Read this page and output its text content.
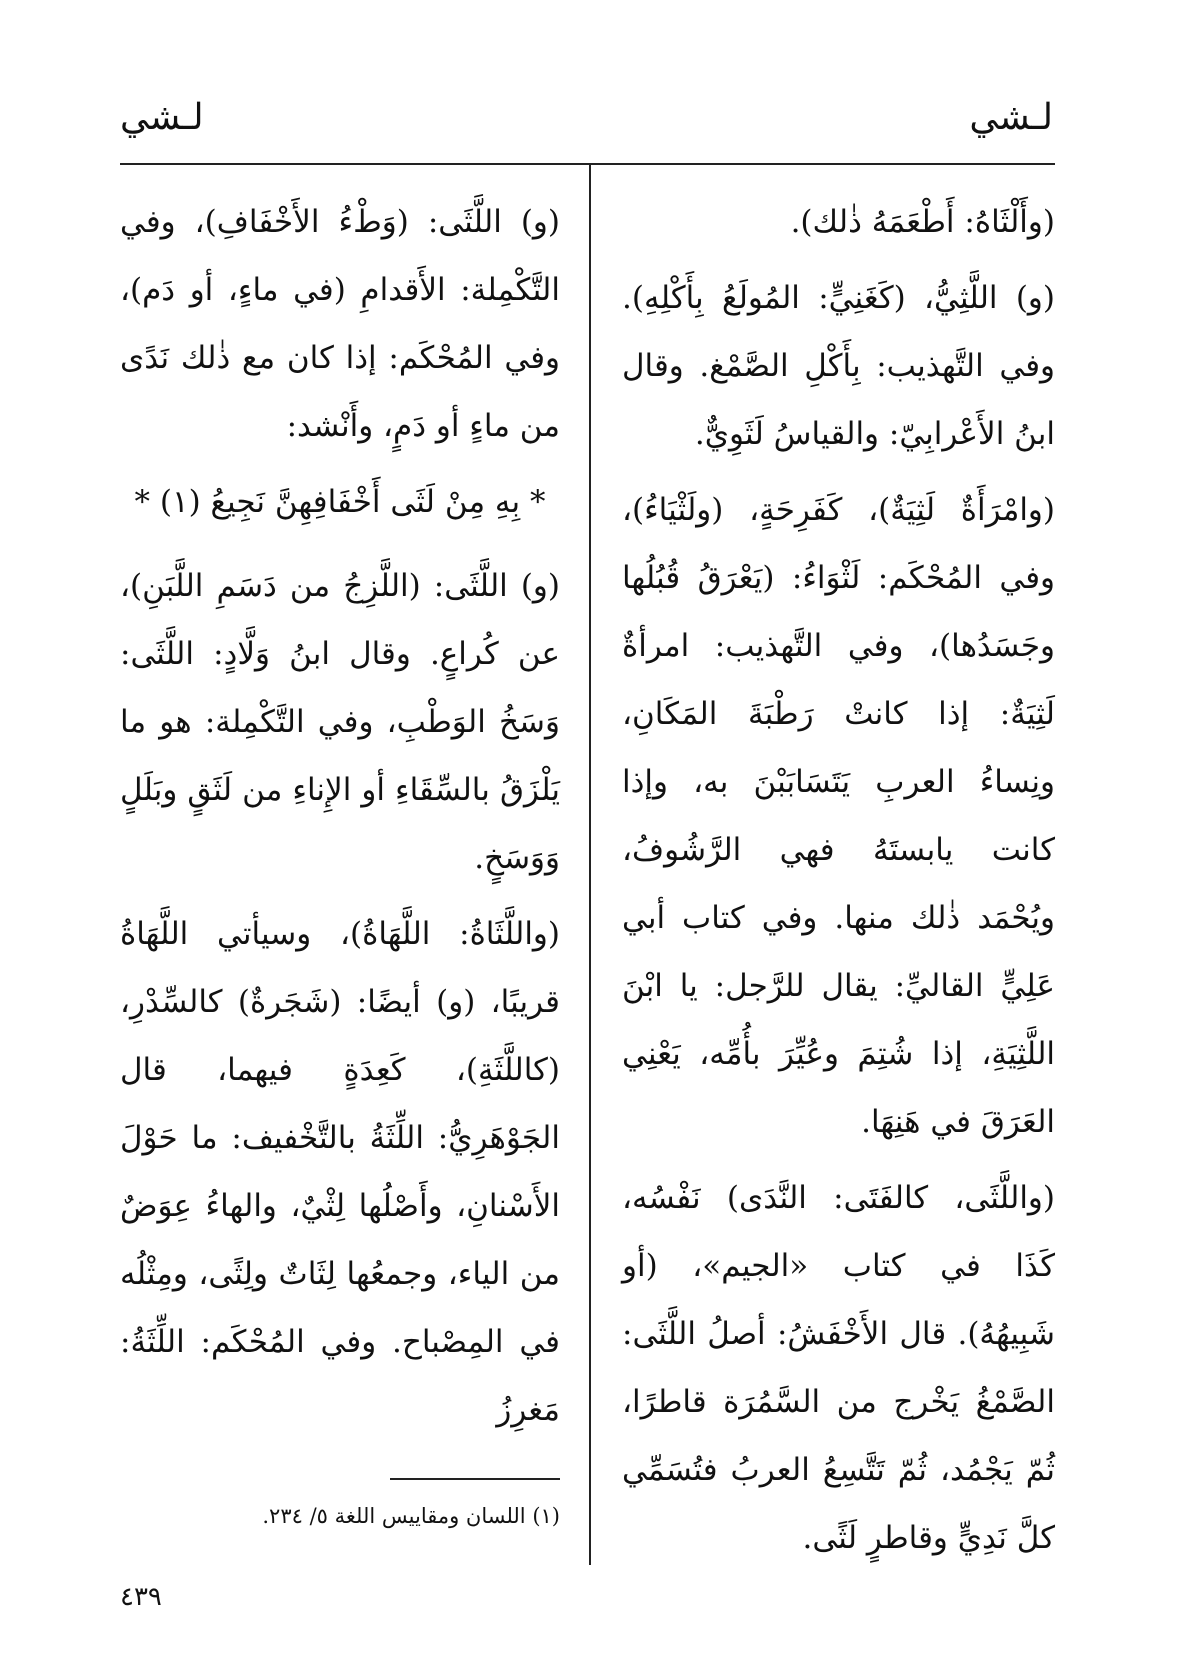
لـشي	لـشي

(وأَلْثَاهُ: أَطْعَمَهُ ذٰلك).

(و) اللَّثِيُّ، (كَغَنِيٍّ: المُولَعُ بِأَكْلِهِ). وفي التَّهذيب: بِأَكْلِ الصَّمْغ. وقال ابنُ الأَعْرابِيّ: والقياسُ لَثَوِيٌّ.

(وامْرَأَةٌ لَثِيَةٌ)، كَفَرِحَةٍ، (ولَثْيَاءُ)، وفي المُحْكَم: لَثْوَاءُ: (يَعْرَقُ قُبُلُها وجَسَدُها)، وفي التَّهذيب: امرأةٌ لَثِيَةٌ: إذا كانتْ رَطْبَةَ المَكَانِ، ونِساءُ العربِ يَتَسَابَبْنَ به، وإذا كانت يابستَهُ فهي الرَّشُوفُ، ويُحْمَد ذٰلك منها. وفي كتاب أبي عَلِيٍّ القاليِّ: يقال للرَّجل: يا ابْنَ اللَّثِيَةِ، إذا شُتِمَ وعُيِّرَ بأُمِّه، يَعْنِي العَرَقَ في هَنِهَا.

(واللَّثَى، كالفَتَى: النَّدَى) نَفْسُه، كَذَا في كتاب «الجيم»، (أو شَبِيهُهُ). قال الأَخْفَشُ: أصلُ اللَّثَى: الصَّمْغُ يَخْرج من السَّمُرَة قاطرًا، ثُمّ يَجْمُد، ثُمّ تَتَّسِعُ العربُ فتُسَمِّي كلَّ نَدِيٍّ وقاطرٍ لَثًى.

(و) اللَّثَى: (وَطْءُ الأَخْفَافِ)، وفي التَّكْمِلة: الأَقدامِ (في ماءٍ، أو دَم)، وفي المُحْكَم: إذا كان مع ذٰلك نَدًى من ماءٍ أو دَمٍ، وأَنْشد:

* بِهِ مِنْ لَثَى أَخْفَافِهِنَّ نَجِيعُ (١) *

(و) اللَّثَى: (اللَّزِجُ من دَسَمِ اللَّبَنِ)، عن كُراعٍ. وقال ابنُ وَلَّادٍ: اللَّثَى: وَسَخُ الوَطْبِ، وفي التَّكْمِلة: هو ما يَلْزَقُ بالسِّقَاءِ أو الإِناءِ من لَثَقٍ وبَلَلٍ وَوَسَخٍ.

(واللَّثَاةُ: اللَّهَاةُ)، وسيأتي اللَّهَاةُ قريبًا، (و) أيضًا: (شَجَرةٌ) كالسِّدْرِ، (كاللَّثَةِ)، كَعِدَةٍ فيهما، قال الجَوْهَرِيُّ: اللِّثَةُ بالتَّخْفيف: ما حَوْلَ الأَسْنانِ، وأَصْلُها لِثْيٌ، والهاءُ عِوَضٌ من الياء، وجمعُها لِثَاتٌ ولِثًى، ومِثْلُه في المِصْباح. وفي المُحْكَم: اللِّثَةُ: مَغرِزُ

(١) اللسان ومقاييس اللغة ٥/ ٢٣٤.
٤٣٩
